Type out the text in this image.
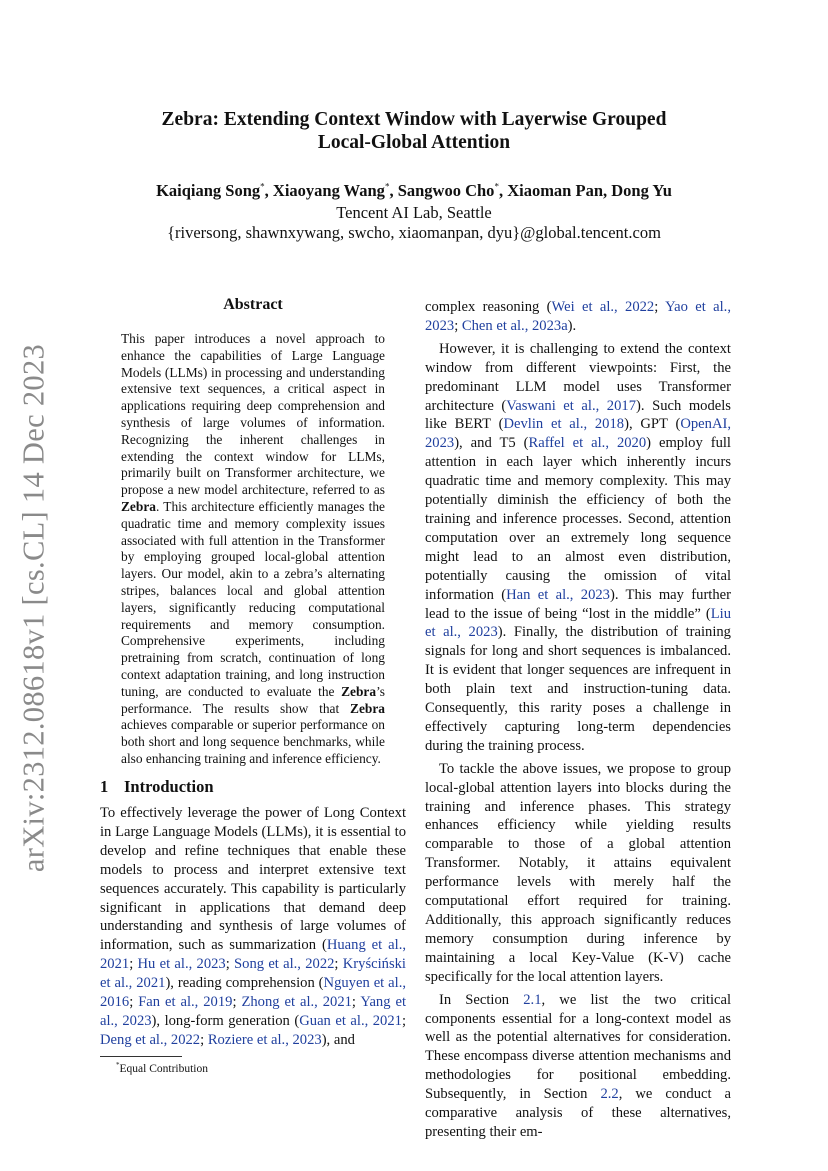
arXiv:2312.08618v1 [cs.CL] 14 Dec 2023
Zebra: Extending Context Window with Layerwise Grouped
Local-Global Attention
Kaiqiang Song*, Xiaoyang Wang*, Sangwoo Cho*, Xiaoman Pan, Dong Yu
Tencent AI Lab, Seattle
{riversong, shawnxywang, swcho, xiaomanpan, dyu}@global.tencent.com
Abstract
This paper introduces a novel approach to enhance the capabilities of Large Language Models (LLMs) in processing and understanding extensive text sequences, a critical aspect in applications requiring deep comprehension and synthesis of large volumes of information. Recognizing the inherent challenges in extending the context window for LLMs, primarily built on Transformer architecture, we propose a new model architecture, referred to as Zebra. This architecture efficiently manages the quadratic time and memory complexity issues associated with full attention in the Transformer by employing grouped local-global attention layers. Our model, akin to a zebra’s alternating stripes, balances local and global attention layers, significantly reducing computational requirements and memory consumption. Comprehensive experiments, including pretraining from scratch, continuation of long context adaptation training, and long instruction tuning, are conducted to evaluate the Zebra’s performance. The results show that Zebra achieves comparable or superior performance on both short and long sequence benchmarks, while also enhancing training and inference efficiency.
1 Introduction
To effectively leverage the power of Long Context in Large Language Models (LLMs), it is essential to develop and refine techniques that enable these models to process and interpret extensive text sequences accurately. This capability is particularly significant in applications that demand deep understanding and synthesis of large volumes of information, such as summarization (Huang et al., 2021; Hu et al., 2023; Song et al., 2022; Kryściński et al., 2021), reading comprehension (Nguyen et al., 2016; Fan et al., 2019; Zhong et al., 2021; Yang et al., 2023), long-form generation (Guan et al., 2021; Deng et al., 2022; Roziere et al., 2023), and

complex reasoning (Wei et al., 2022; Yao et al., 2023; Chen et al., 2023a).

However, it is challenging to extend the context window from different viewpoints: First, the predominant LLM model uses Transformer architecture (Vaswani et al., 2017). Such models like BERT (Devlin et al., 2018), GPT (OpenAI, 2023), and T5 (Raffel et al., 2020) employ full attention in each layer which inherently incurs quadratic time and memory complexity. This may potentially diminish the efficiency of both the training and inference processes. Second, attention computation over an extremely long sequence might lead to an almost even distribution, potentially causing the omission of vital information (Han et al., 2023). This may further lead to the issue of being “lost in the middle” (Liu et al., 2023). Finally, the distribution of training signals for long and short sequences is imbalanced. It is evident that longer sequences are infrequent in both plain text and instruction-tuning data. Consequently, this rarity poses a challenge in effectively capturing long-term dependencies during the training process.

To tackle the above issues, we propose to group local-global attention layers into blocks during the training and inference phases. This strategy enhances efficiency while yielding results comparable to those of a global attention Transformer. Notably, it attains equivalent performance levels with merely half the computational effort required for training. Additionally, this approach significantly reduces memory consumption during inference by maintaining a local Key-Value (K-V) cache specifically for the local attention layers.

In Section 2.1, we list the two critical components essential for a long-context model as well as the potential alternatives for consideration. These encompass diverse attention mechanisms and methodologies for positional embedding. Subsequently, in Section 2.2, we conduct a comparative analysis of these alternatives, presenting their em-

*Equal Contribution
